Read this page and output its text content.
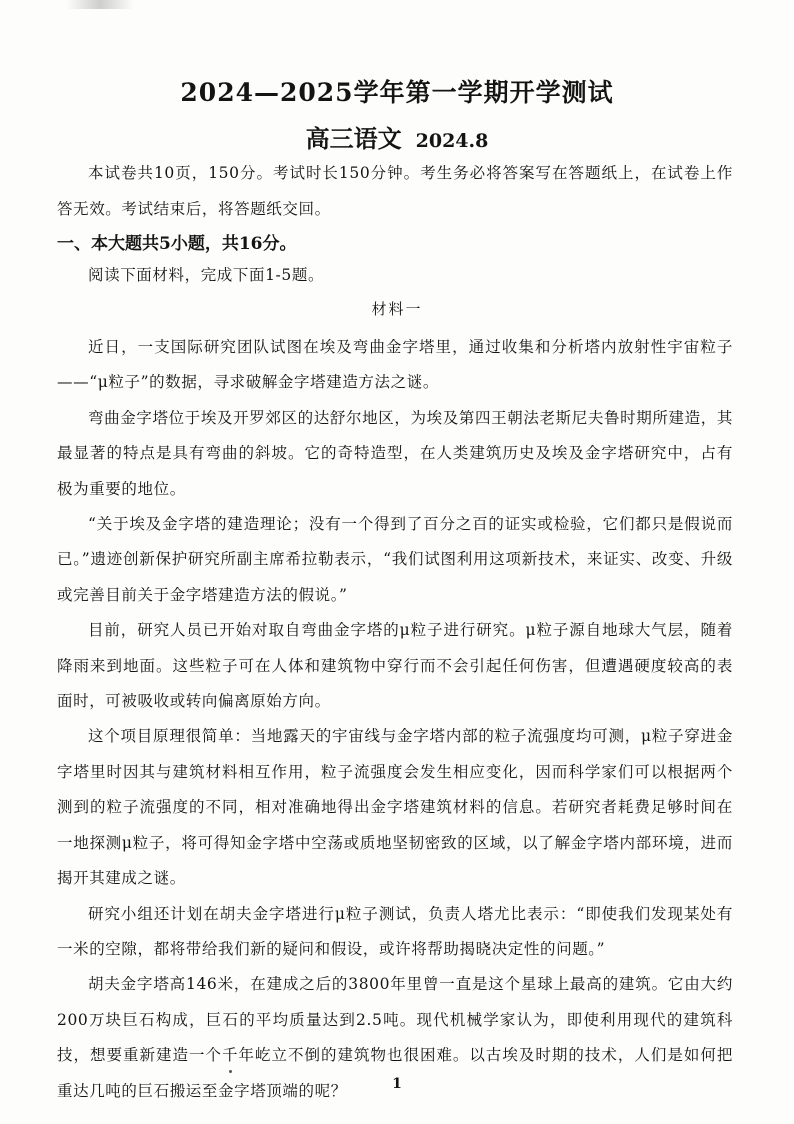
2024—2025学年第一学期开学测试
高三语文 2024.8

本试卷共10页，150分。考试时长150分钟。考生务必将答案写在答题纸上，在试卷上作答无效。考试结束后，将答题纸交回。

一、本大题共5小题，共16分。
阅读下面材料，完成下面1-5题。
材料一

近日，一支国际研究团队试图在埃及弯曲金字塔里，通过收集和分析塔内放射性宇宙粒子——“μ粒子”的数据，寻求破解金字塔建造方法之谜。

弯曲金字塔位于埃及开罗郊区的达舒尔地区，为埃及第四王朝法老斯尼夫鲁时期所建造，其最显著的特点是具有弯曲的斜坡。它的奇特造型，在人类建筑历史及埃及金字塔研究中，占有极为重要的地位。

“关于埃及金字塔的建造理论；没有一个得到了百分之百的证实或检验，它们都只是假说而已。”遗迹创新保护研究所副主席希拉勒表示，“我们试图利用这项新技术，来证实、改变、升级或完善目前关于金字塔建造方法的假说。”

目前，研究人员已开始对取自弯曲金字塔的μ粒子进行研究。μ粒子源自地球大气层，随着降雨来到地面。这些粒子可在人体和建筑物中穿行而不会引起任何伤害，但遭遇硬度较高的表面时，可被吸收或转向偏离原始方向。

这个项目原理很简单：当地露天的宇宙线与金字塔内部的粒子流强度均可测，μ粒子穿进金字塔里时因其与建筑材料相互作用，粒子流强度会发生相应变化，因而科学家们可以根据两个测到的粒子流强度的不同，相对准确地得出金字塔建筑材料的信息。若研究者耗费足够时间在一地探测μ粒子，将可得知金字塔中空荡或质地坚韧密致的区域，以了解金字塔内部环境，进而揭开其建成之谜。

研究小组还计划在胡夫金字塔进行μ粒子测试，负责人塔尤比表示：“即使我们发现某处有一米的空隙，都将带给我们新的疑问和假设，或许将帮助揭晓决定性的问题。”

胡夫金字塔高146米，在建成之后的3800年里曾一直是这个星球上最高的建筑。它由大约200万块巨石构成，巨石的平均质量达到2.5吨。现代机械学家认为，即使利用现代的建筑科技，想要重新建造一个千年屹立不倒的建筑物也很困难。以古埃及时期的技术，人们是如何把重达几吨的巨石搬运至金字塔顶端的呢？	1
